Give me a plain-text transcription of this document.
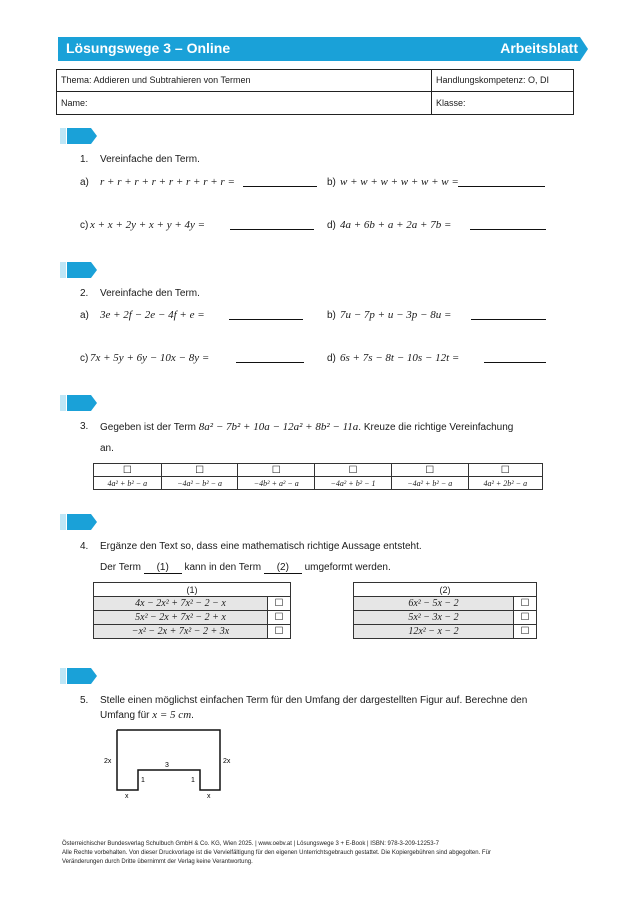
Lösungswege 3 – Online	Arbeitsblatt
Thema: Addieren und Subtrahieren von Termen	Handlungskompetenz: O, DI
Name:	Klasse:
1. Vereinfache den Term.
a) r + r + r + r + r + r + r + r =	b) w + w + w + w + w + w =
c) x + x + 2y + x + y + 4y =	d) 4a + 6b + a + 2a + 7b =
2. Vereinfache den Term.
a) 3e + 2f − 2e − 4f + e =	b) 7u − 7p + u − 3p − 8u =
c) 7x + 5y + 6y − 10x − 8y =	d) 6s + 7s − 8t − 10s − 12t =
3. Gegeben ist der Term 8a² − 7b² + 10a − 12a² + 8b² − 11a. Kreuze die richtige Vereinfachung
an.
☐	☐	☐	☐	☐	☐
4a² + b² − a	−4a² − b² − a	−4b² + a² − a	−4a² + b² − 1	−4a² + b² − a	4a² + 2b² − a
4. Ergänze den Text so, dass eine mathematisch richtige Aussage entsteht.
Der Term (1) kann in den Term (2) umgeformt werden.
(1)	
4x − 2x² + 7x² − 2 − x	☐
5x² − 2x + 7x² − 2 + x	☐
−x² − 2x + 7x² − 2 + 3x	☐
(2)	
6x² − 5x − 2	☐
5x² − 3x − 2	☐
12x² − x − 2	☐
5. Stelle einen möglichst einfachen Term für den Umfang der dargestellten Figur auf. Berechne den
Umfang für x = 5 cm.
2x	2x
3
1	1
x	x
Österreichischer Bundesverlag Schulbuch GmbH & Co. KG, Wien 2025. | www.oebv.at | Lösungswege 3 + E-Book | ISBN: 978-3-209-12253-7
Alle Rechte vorbehalten. Von dieser Druckvorlage ist die Vervielfältigung für den eigenen Unterrichtsgebrauch gestattet. Die Kopiergebühren sind abgegolten. Für
Veränderungen durch Dritte übernimmt der Verlag keine Verantwortung.
